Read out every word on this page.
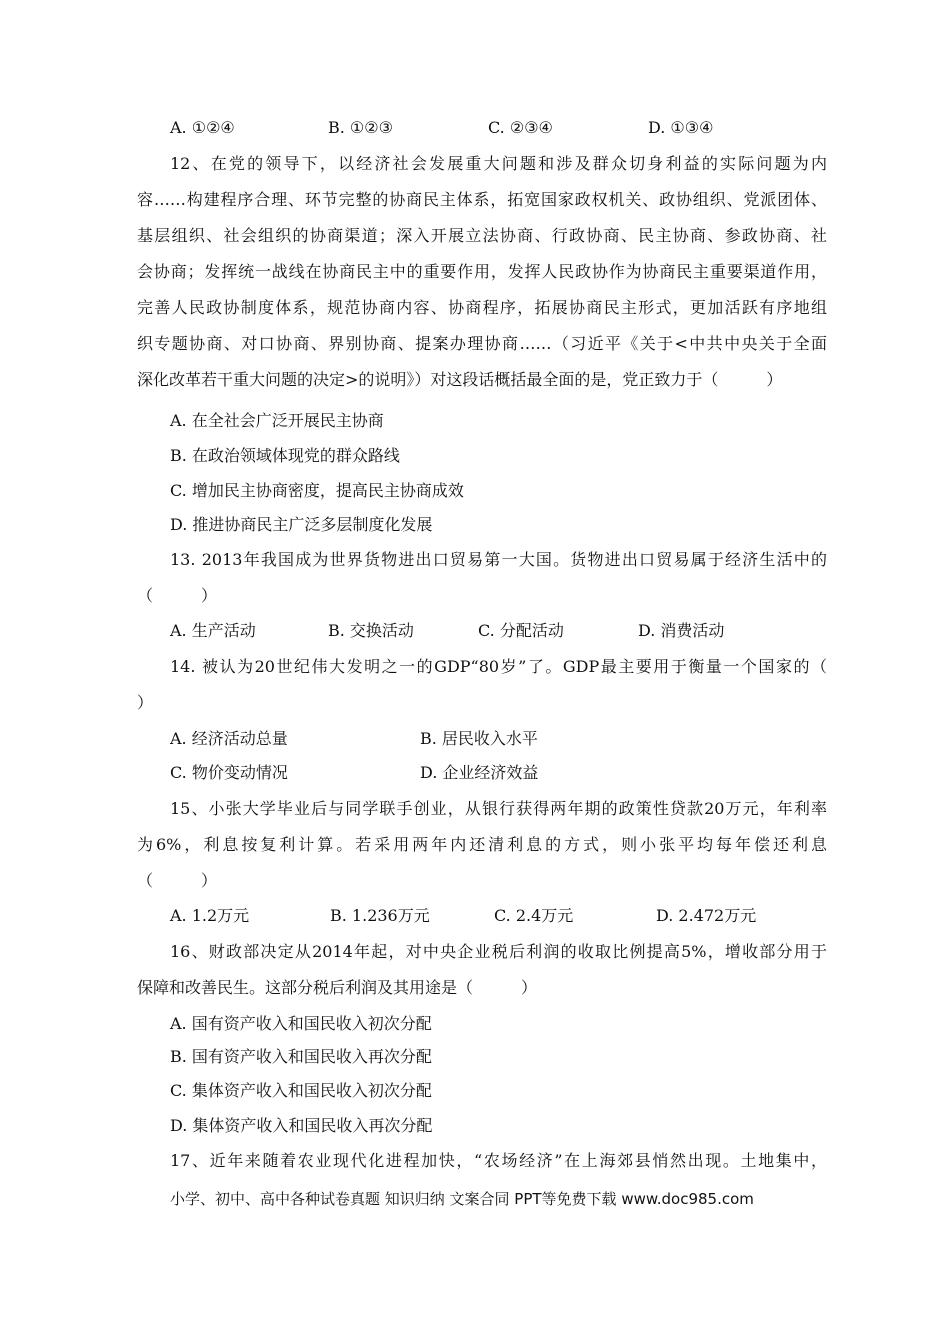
A. ①②④	B. ①②③	C. ②③④	D. ①③④
12、在党的领导下，以经济社会发展重大问题和涉及群众切身利益的实际问题为内
容……构建程序合理、环节完整的协商民主体系，拓宽国家政权机关、政协组织、党派团体、
基层组织、社会组织的协商渠道；深入开展立法协商、行政协商、民主协商、参政协商、社
会协商；发挥统一战线在协商民主中的重要作用，发挥人民政协作为协商民主重要渠道作用，
完善人民政协制度体系，规范协商内容、协商程序，拓展协商民主形式，更加活跃有序地组
织专题协商、对口协商、界别协商、提案办理协商……（习近平《关于<中共中央关于全面
深化改革若干重大问题的决定>的说明》）对这段话概括最全面的是，党正致力于（　　　）
A. 在全社会广泛开展民主协商
B. 在政治领域体现党的群众路线
C. 增加民主协商密度，提高民主协商成效
D. 推进协商民主广泛多层制度化发展
13. 2013年我国成为世界货物进出口贸易第一大国。货物进出口贸易属于经济生活中的
（　　　）
A. 生产活动	B. 交换活动	C. 分配活动	D. 消费活动
14. 被认为20世纪伟大发明之一的GDP“80岁”了。GDP最主要用于衡量一个国家的（
）
A. 经济活动总量	B. 居民收入水平
C. 物价变动情况	D. 企业经济效益
15、小张大学毕业后与同学联手创业，从银行获得两年期的政策性贷款20万元，年利率
为6%，利息按复利计算。若采用两年内还清利息的方式，则小张平均每年偿还利息
（　　　）
A. 1.2万元	B. 1.236万元	C. 2.4万元	D. 2.472万元
16、财政部决定从2014年起，对中央企业税后利润的收取比例提高5%，增收部分用于
保障和改善民生。这部分税后利润及其用途是（　　　）
A. 国有资产收入和国民收入初次分配
B. 国有资产收入和国民收入再次分配
C. 集体资产收入和国民收入初次分配
D. 集体资产收入和国民收入再次分配
17、近年来随着农业现代化进程加快，“农场经济”在上海郊县悄然出现。土地集中，
小学、初中、高中各种试卷真题 知识归纳 文案合同 PPT等免费下载 www.doc985.com
